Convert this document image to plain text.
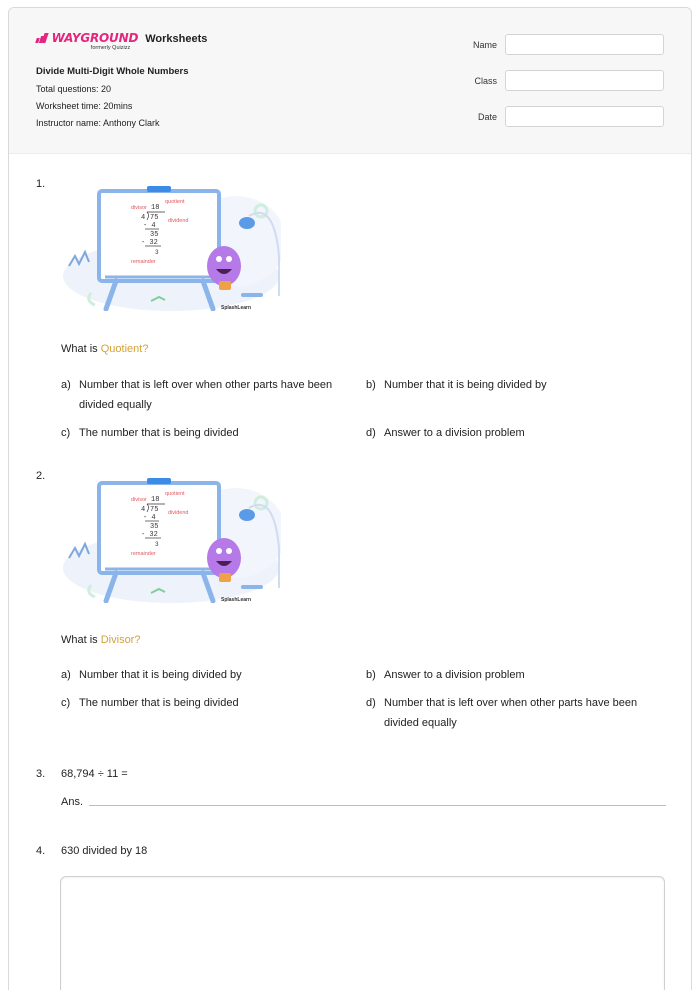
WAYGROUND
formerly Quizizz
Worksheets
Divide Multi-Digit Whole Numbers
Total questions: 20
Worksheet time: 20mins
Instructor name: Anthony Clark
Name
Class
Date
1.
quotient
divisor 18
4 75 dividend
- 4
35
- 32
3
remainder
SplashLearn
What is Quotient?
a) Number that is left over when other parts have been divided equally
b) Number that it is being divided by
c) The number that is being divided	d) Answer to a division problem
2.
quotient
divisor 18
4 75 dividend
- 4
35
- 32
3
remainder
SplashLearn
What is Divisor?
a) Number that it is being divided by	b) Answer to a division problem
c) The number that is being divided	d) Number that is left over when other parts have been divided equally
3. 68,794 ÷ 11 =
Ans.
4. 630 divided by 18
